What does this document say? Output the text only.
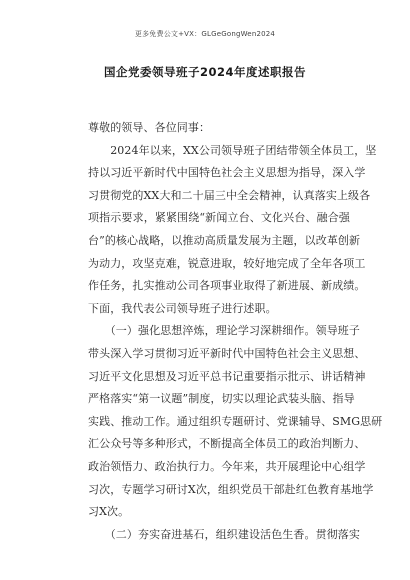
更多免费公文+VX：GLGeGongWen2024
国企党委领导班子2024年度述职报告
尊敬的领导、各位同事：
　　2024年以来，XX公司领导班子团结带领全体员工，坚
持以习近平新时代中国特色社会主义思想为指导，深入学
习贯彻党的XX大和二十届三中全会精神，认真落实上级各
项指示要求，紧紧围绕“新闻立台、文化兴台、融合强
台”的核心战略，以推动高质量发展为主题，以改革创新
为动力，攻坚克难，锐意进取，较好地完成了全年各项工
作任务，扎实推动公司各项事业取得了新进展、新成绩。
下面，我代表公司领导班子进行述职。
　　（一）强化思想淬炼，理论学习深耕细作。领导班子
带头深入学习贯彻习近平新时代中国特色社会主义思想、
习近平文化思想及习近平总书记重要指示批示、讲话精神
严格落实“第一议题”制度，切实以理论武装头脑、指导
实践、推动工作。通过组织专题研讨、党课辅导、SMG思研
汇公众号等多种形式，不断提高全体员工的政治判断力、
政治领悟力、政治执行力。今年来，共开展理论中心组学
习次，专题学习研讨X次，组织党员干部赴红色教育基地学
习X次。
　　（二）夯实奋进基石，组织建设活色生香。贯彻落实
